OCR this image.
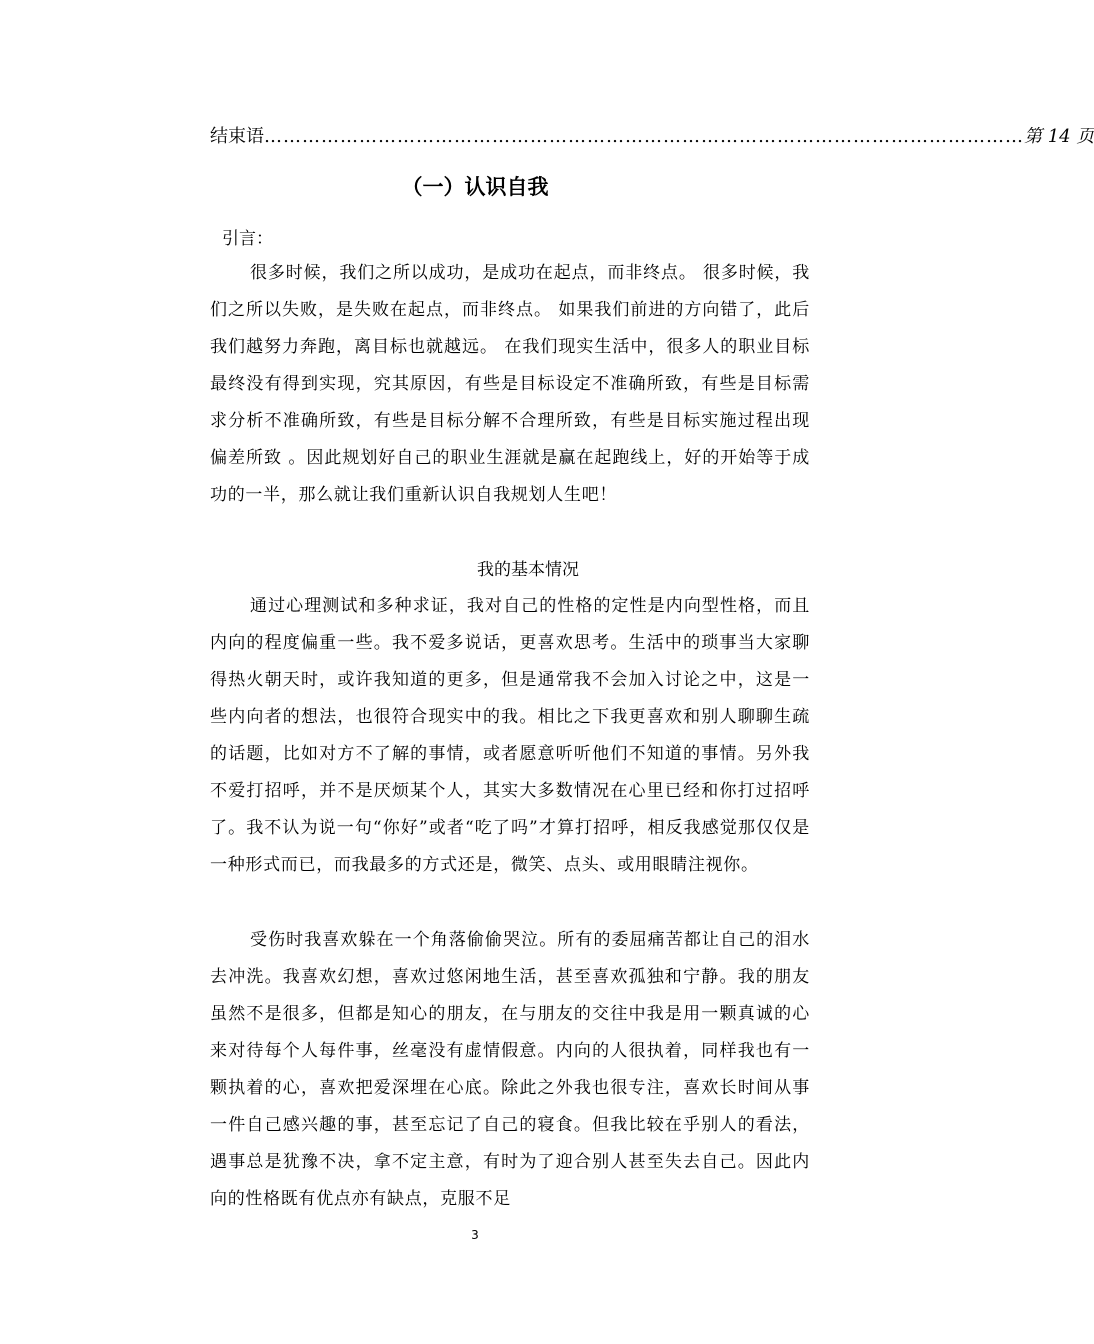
结束语 ………………………………………………………………………………………………………… 第 14 页
（一）认识自我
引言：

很多时候，我们之所以成功，是成功在起点，而非终点。 很多时候，我们之所以失败，是失败在起点，而非终点。 如果我们前进的方向错了，此后我们越努力奔跑，离目标也就越远。 在我们现实生活中，很多人的职业目标最终没有得到实现，究其原因，有些是目标设定不准确所致，有些是目标需求分析不准确所致，有些是目标分解不合理所致，有些是目标实施过程出现偏差所致 。因此规划好自己的职业生涯就是赢在起跑线上，好的开始等于成功的一半，那么就让我们重新认识自我规划人生吧！

我的基本情况

通过心理测试和多种求证，我对自己的性格的定性是内向型性格，而且内向的程度偏重一些。我不爱多说话，更喜欢思考。生活中的琐事当大家聊得热火朝天时，或许我知道的更多，但是通常我不会加入讨论之中，这是一些内向者的想法，也很符合现实中的我。相比之下我更喜欢和别人聊聊生疏的话题，比如对方不了解的事情，或者愿意听听他们不知道的事情。另外我不爱打招呼，并不是厌烦某个人，其实大多数情况在心里已经和你打过招呼了。我不认为说一句“你好”或者“吃了吗”才算打招呼，相反我感觉那仅仅是一种形式而已，而我最多的方式还是，微笑、点头、或用眼睛注视你。

受伤时我喜欢躲在一个角落偷偷哭泣。所有的委屈痛苦都让自己的泪水去冲洗。我喜欢幻想，喜欢过悠闲地生活，甚至喜欢孤独和宁静。我的朋友虽然不是很多，但都是知心的朋友，在与朋友的交往中我是用一颗真诚的心来对待每个人每件事，丝毫没有虚情假意。内向的人很执着，同样我也有一颗执着的心，喜欢把爱深埋在心底。除此之外我也很专注，喜欢长时间从事一件自己感兴趣的事，甚至忘记了自己的寝食。但我比较在乎别人的看法，遇事总是犹豫不决，拿不定主意，有时为了迎合别人甚至失去自己。因此内向的性格既有优点亦有缺点，克服不足

3
